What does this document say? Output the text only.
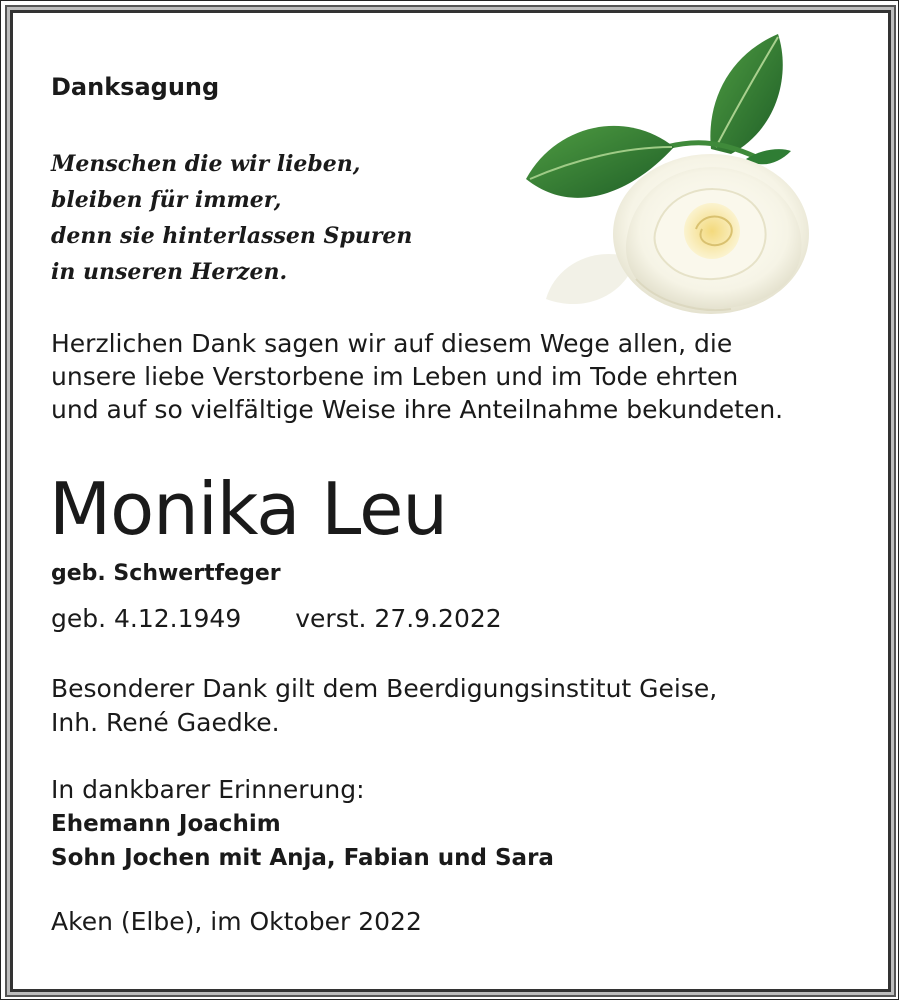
Danksagung
Menschen die wir lieben,
bleiben für immer,
denn sie hinterlassen Spuren
in unseren Herzen.
Herzlichen Dank sagen wir auf diesem Wege allen, die
unsere liebe Verstorbene im Leben und im Tode ehrten
und auf so vielfältige Weise ihre Anteilnahme bekundeten.
Monika Leu
geb. Schwertfeger
geb. 4.12.1949 verst. 27.9.2022
Besonderer Dank gilt dem Beerdigungsinstitut Geise,
Inh. René Gaedke.
In dankbarer Erinnerung:
Ehemann Joachim
Sohn Jochen mit Anja, Fabian und Sara
Aken (Elbe), im Oktober 2022
